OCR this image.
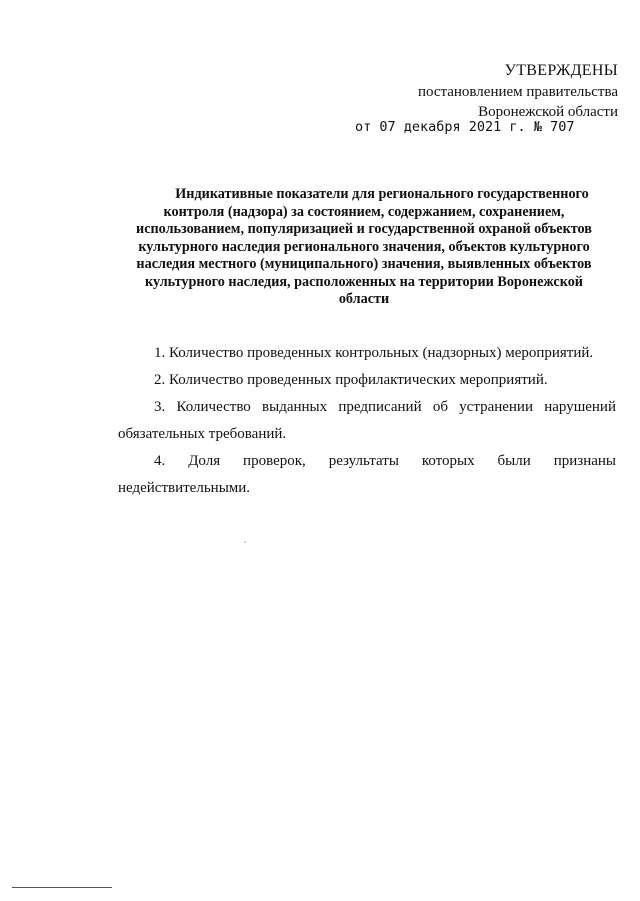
УТВЕРЖДЕНЫ
постановлением правительства
Воронежской области
от 07 декабря 2021 г. № 707
Индикативные показатели для регионального государственного
контроля (надзора) за состоянием, содержанием, сохранением,
использованием, популяризацией и государственной охраной объектов
культурного наследия регионального значения, объектов культурного
наследия местного (муниципального) значения, выявленных объектов
культурного наследия, расположенных на территории Воронежской
области

1. Количество проведенных контрольных (надзорных) мероприятий.

2. Количество проведенных профилактических мероприятий.

3. Количество выданных предписаний об устранении нарушений обязательных требований.

4. Доля проверок, результаты которых были признаны недействительными.
